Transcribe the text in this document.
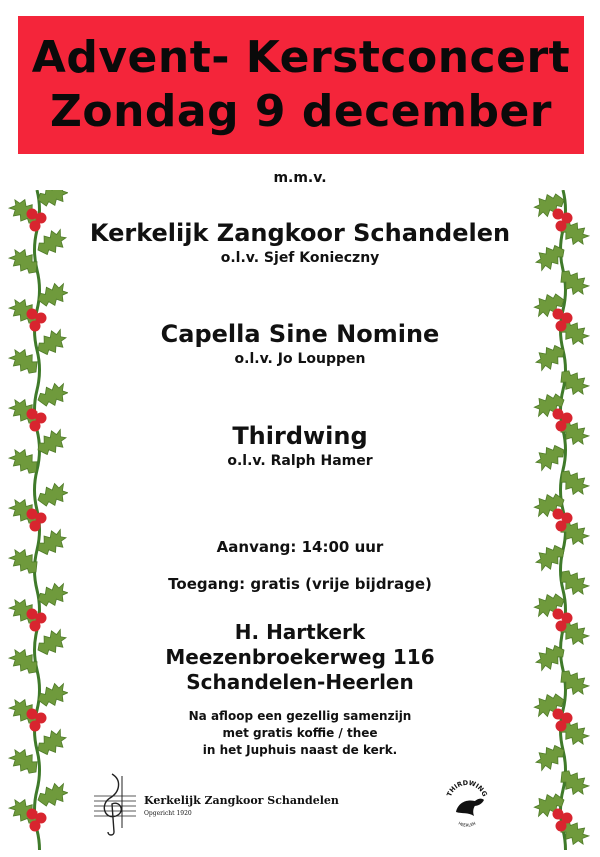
Advent- Kerstconcert
Zondag 9 december
m.m.v.
Kerkelijk Zangkoor Schandelen
o.l.v. Sjef Konieczny
Capella Sine Nomine
o.l.v. Jo Louppen
Thirdwing
o.l.v. Ralph Hamer
Aanvang: 14:00 uur
Toegang: gratis (vrije bijdrage)
H. Hartkerk
Meezenbroekerweg 116
Schandelen-Heerlen
Na afloop een gezellig samenzijn
met gratis koffie / thee
in het Juphuis naast de kerk.
Kerkelijk Zangkoor Schandelen
Opgericht 1920
THIRDWING
HEERLEN
